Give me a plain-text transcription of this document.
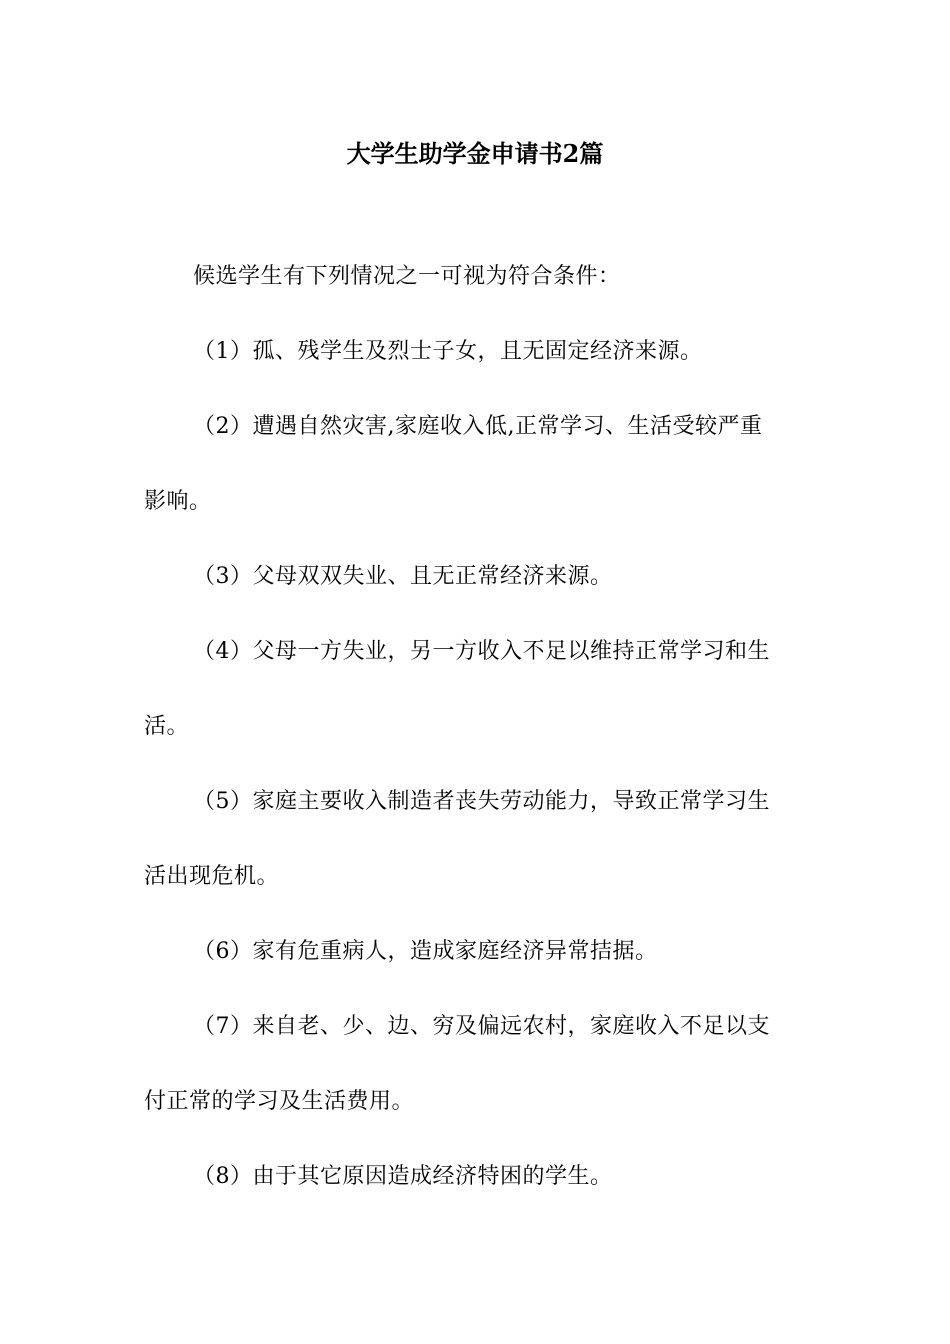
大学生助学金申请书2篇

候选学生有下列情况之一可视为符合条件：

（1）孤、残学生及烈士子女，且无固定经济来源。

（2）遭遇自然灾害,家庭收入低,正常学习、生活受较严重
影响。

（3）父母双双失业、且无正常经济来源。

（4）父母一方失业，另一方收入不足以维持正常学习和生
活。

（5）家庭主要收入制造者丧失劳动能力，导致正常学习生
活出现危机。

（6）家有危重病人，造成家庭经济异常拮据。

（7）来自老、少、边、穷及偏远农村，家庭收入不足以支
付正常的学习及生活费用。

（8）由于其它原因造成经济特困的学生。
